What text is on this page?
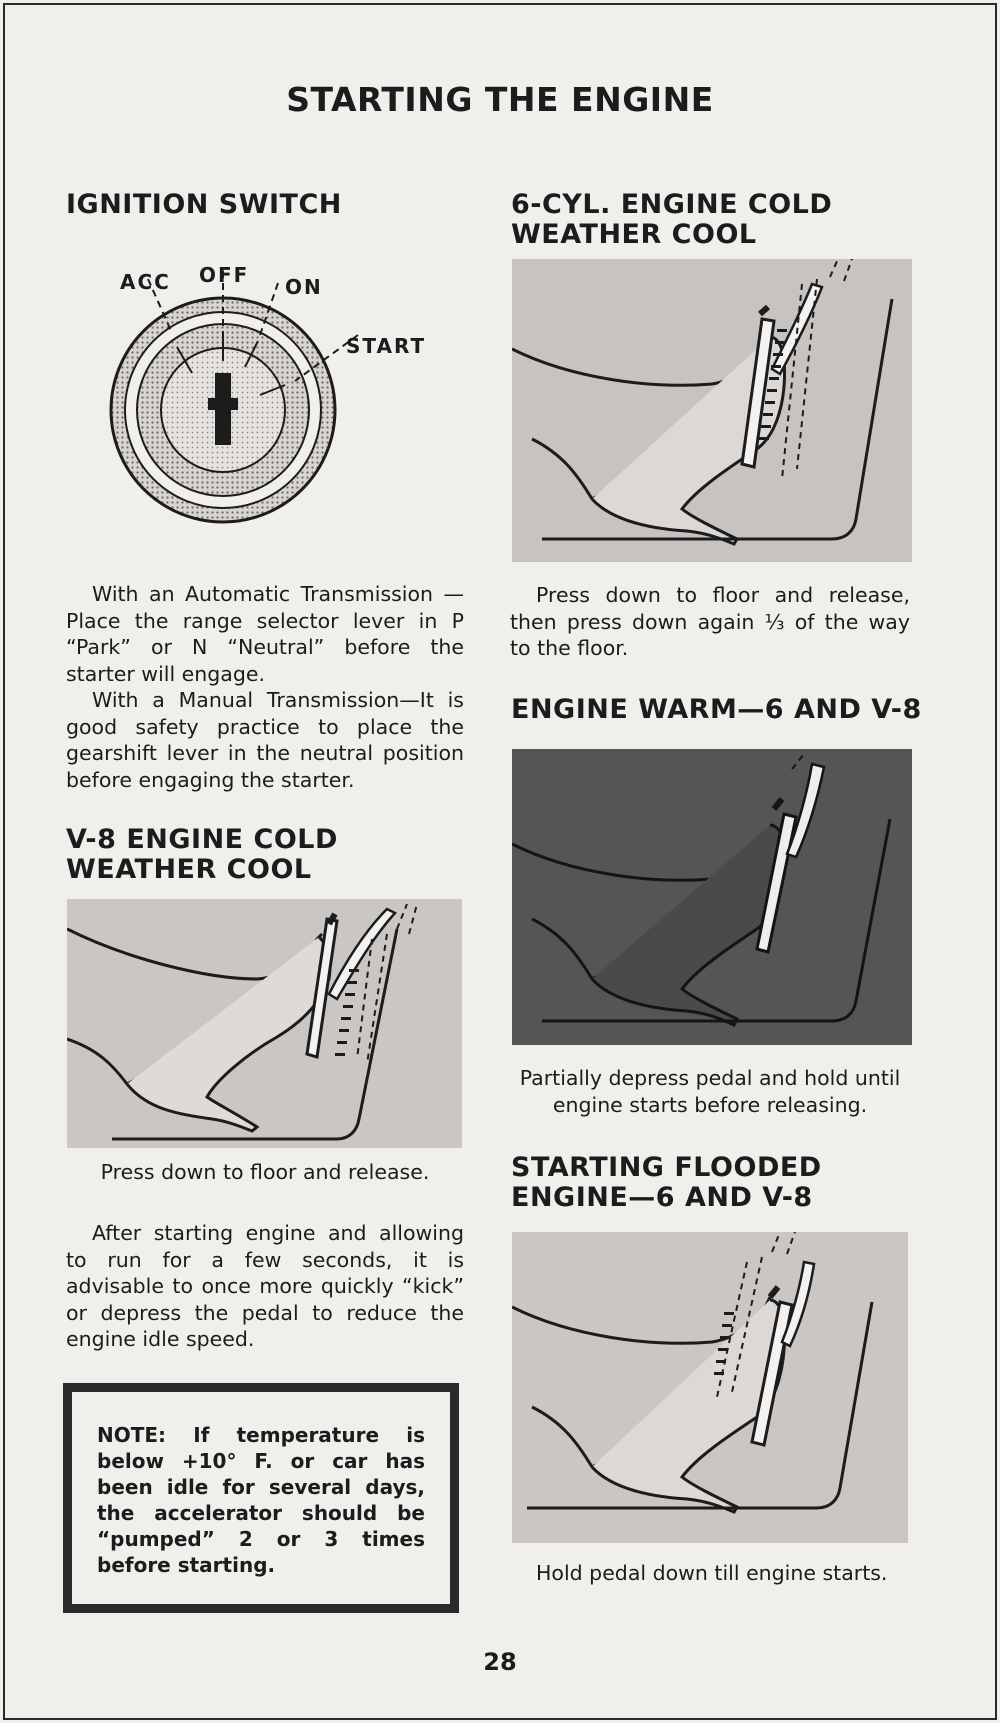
STARTING THE ENGINE
IGNITION SWITCH
ACC OFF ON
START

With an Automatic Transmission —Place the range selector lever in P “Park” or N “Neutral” before the starter will engage.

With a Manual Transmission—It is good safety practice to place the gearshift lever in the neutral position before engaging the starter.

V-8 ENGINE COLD
WEATHER COOL
Press down to floor and release.

After starting engine and allowing to run for a few seconds, it is advisable to once more quickly “kick” or depress the pedal to reduce the engine idle speed.

NOTE: If temperature is below +10° F. or car has been idle for several days, the accelerator should be “pumped” 2 or 3 times before starting.
6-CYL. ENGINE COLD
WEATHER COOL
Press down to floor and release, then press down again ⅓ of the way to the floor.
ENGINE WARM—6 AND V-8
Partially depress pedal and hold until engine starts before releasing.
STARTING FLOODED
ENGINE—6 AND V-8
Hold pedal down till engine starts.
28
